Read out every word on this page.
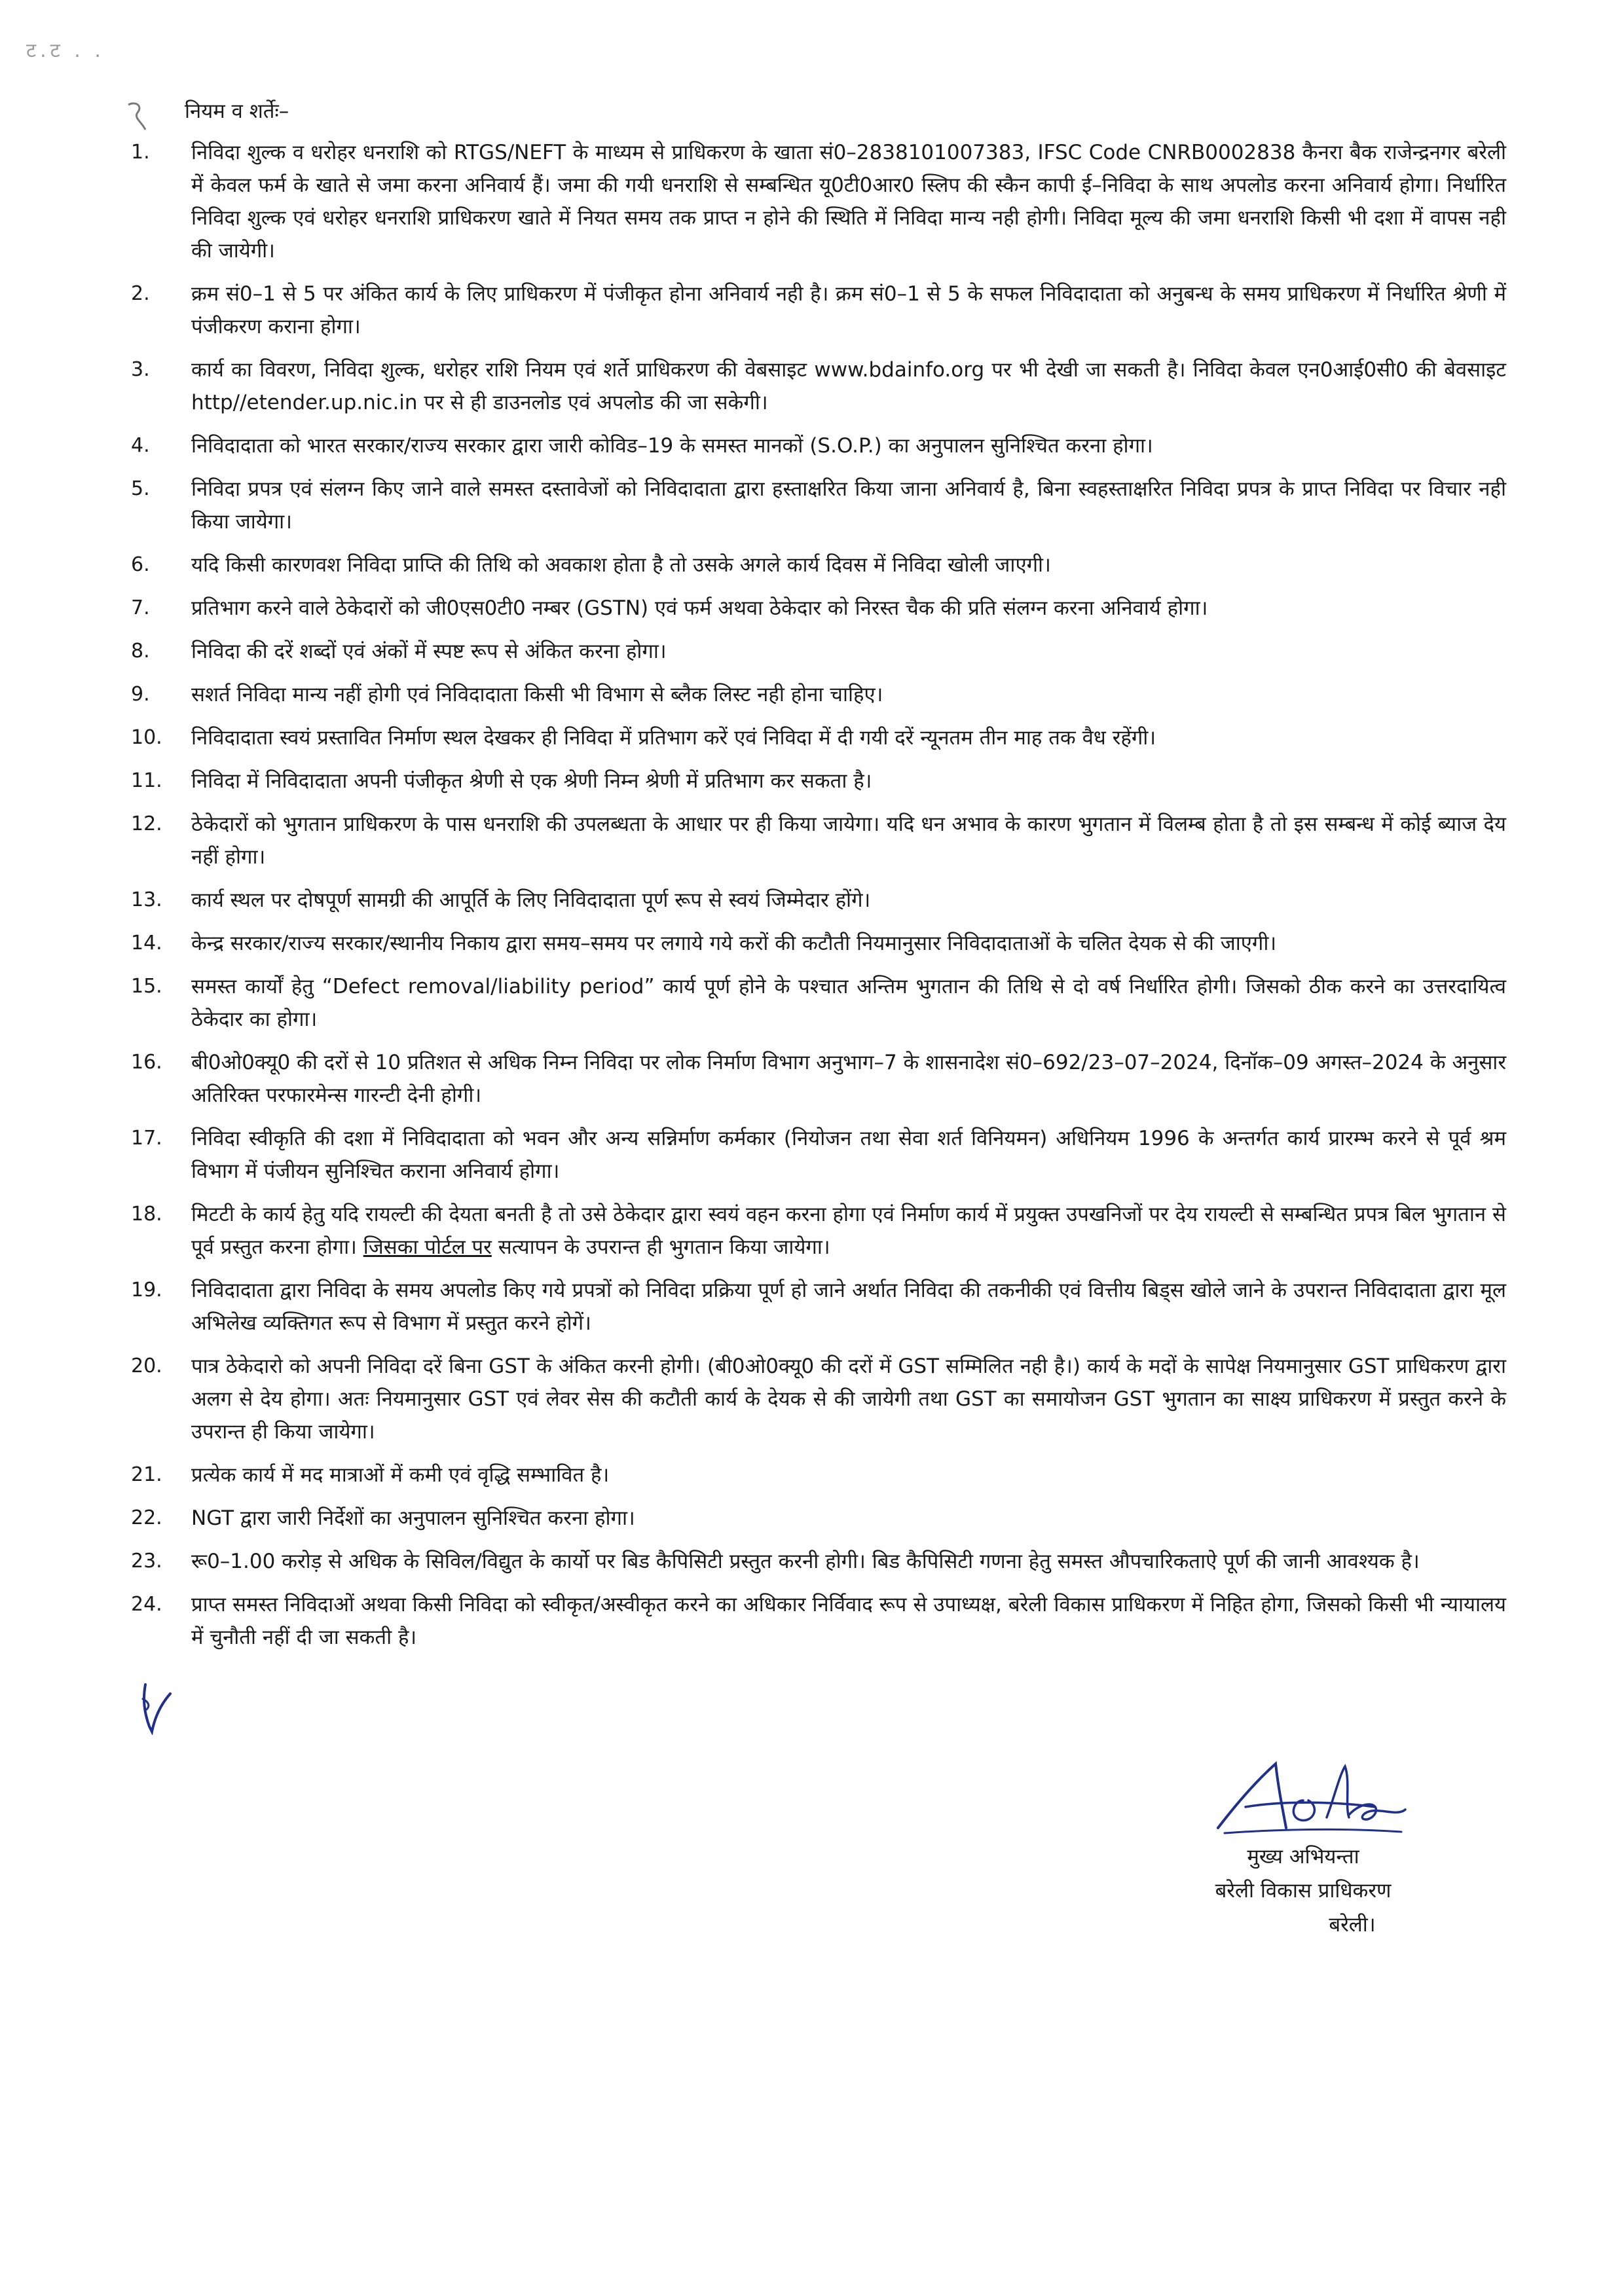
ट.ट . .
नियम व शर्तेः–
1.	निविदा शुल्क व धरोहर धनराशि को RTGS/NEFT के माध्यम से प्राधिकरण के खाता सं0–2838101007383, IFSC Code CNRB0002838 कैनरा बैक राजेन्द्रनगर बरेली में केवल फर्म के खाते से जमा करना अनिवार्य हैं। जमा की गयी धनराशि से सम्बन्धित यू0टी0आर0 स्लिप की स्कैन कापी ई–निविदा के साथ अपलोड करना अनिवार्य होगा। निर्धारित निविदा शुल्क एवं धरोहर धनराशि प्राधिकरण खाते में नियत समय तक प्राप्त न होने की स्थिति में निविदा मान्य नही होगी। निविदा मूल्य की जमा धनराशि किसी भी दशा में वापस नही की जायेगी।
2.	क्रम सं0–1 से 5 पर अंकित कार्य के लिए प्राधिकरण में पंजीकृत होना अनिवार्य नही है। क्रम सं0–1 से 5 के सफल निविदादाता को अनुबन्ध के समय प्राधिकरण में निर्धारित श्रेणी में पंजीकरण कराना होगा।
3.	कार्य का विवरण, निविदा शुल्क, धरोहर राशि नियम एवं शर्ते प्राधिकरण की वेबसाइट www.bdainfo.org पर भी देखी जा सकती है। निविदा केवल एन0आई0सी0 की बेवसाइट http//etender.up.nic.in पर से ही डाउनलोड एवं अपलोड की जा सकेगी।
4.	निविदादाता को भारत सरकार/राज्य सरकार द्वारा जारी कोविड–19 के समस्त मानकों (S.O.P.) का अनुपालन सुनिश्चित करना होगा।
5.	निविदा प्रपत्र एवं संलग्न किए जाने वाले समस्त दस्तावेजों को निविदादाता द्वारा हस्ताक्षरित किया जाना अनिवार्य है, बिना स्वहस्ताक्षरित निविदा प्रपत्र के प्राप्त निविदा पर विचार नही किया जायेगा।
6.	यदि किसी कारणवश निविदा प्राप्ति की तिथि को अवकाश होता है तो उसके अगले कार्य दिवस में निविदा खोली जाएगी।
7.	प्रतिभाग करने वाले ठेकेदारों को जी0एस0टी0 नम्बर (GSTN) एवं फर्म अथवा ठेकेदार को निरस्त चैक की प्रति संलग्न करना अनिवार्य होगा।
8.	निविदा की दरें शब्दों एवं अंकों में स्पष्ट रूप से अंकित करना होगा।
9.	सशर्त निविदा मान्य नहीं होगी एवं निविदादाता किसी भी विभाग से ब्लैक लिस्ट नही होना चाहिए।
10.	निविदादाता स्वयं प्रस्तावित निर्माण स्थल देखकर ही निविदा में प्रतिभाग करें एवं निविदा में दी गयी दरें न्यूनतम तीन माह तक वैध रहेंगी।
11.	निविदा में निविदादाता अपनी पंजीकृत श्रेणी से एक श्रेणी निम्न श्रेणी में प्रतिभाग कर सकता है।
12.	ठेकेदारों को भुगतान प्राधिकरण के पास धनराशि की उपलब्धता के आधार पर ही किया जायेगा। यदि धन अभाव के कारण भुगतान में विलम्ब होता है तो इस सम्बन्ध में कोई ब्याज देय नहीं होगा।
13.	कार्य स्थल पर दोषपूर्ण सामग्री की आपूर्ति के लिए निविदादाता पूर्ण रूप से स्वयं जिम्मेदार होंगे।
14.	केन्द्र सरकार/राज्य सरकार/स्थानीय निकाय द्वारा समय–समय पर लगाये गये करों की कटौती नियमानुसार निविदादाताओं के चलित देयक से की जाएगी।
15.	समस्त कार्यों हेतु “Defect removal/liability period” कार्य पूर्ण होने के पश्चात अन्तिम भुगतान की तिथि से दो वर्ष निर्धारित होगी। जिसको ठीक करने का उत्तरदायित्व ठेकेदार का होगा।
16.	बी0ओ0क्यू0 की दरों से 10 प्रतिशत से अधिक निम्न निविदा पर लोक निर्माण विभाग अनुभाग–7 के शासनादेश सं0–692/23–07–2024, दिनॉक–09 अगस्त–2024 के अनुसार अतिरिक्त परफारमेन्स गारन्टी देनी होगी।
17.	निविदा स्वीकृति की दशा में निविदादाता को भवन और अन्य सन्निर्माण कर्मकार (नियोजन तथा सेवा शर्त विनियमन) अधिनियम 1996 के अन्तर्गत कार्य प्रारम्भ करने से पूर्व श्रम विभाग में पंजीयन सुनिश्चित कराना अनिवार्य होगा।
18.	मिटटी के कार्य हेतु यदि रायल्टी की देयता बनती है तो उसे ठेकेदार द्वारा स्वयं वहन करना होगा एवं निर्माण कार्य में प्रयुक्त उपखनिजों पर देय रायल्टी से सम्बन्धित प्रपत्र बिल भुगतान से पूर्व प्रस्तुत करना होगा। जिसका पोर्टल पर सत्यापन के उपरान्त ही भुगतान किया जायेगा।
19.	निविदादाता द्वारा निविदा के समय अपलोड किए गये प्रपत्रों को निविदा प्रक्रिया पूर्ण हो जाने अर्थात निविदा की तकनीकी एवं वित्तीय बिड्स खोले जाने के उपरान्त निविदादाता द्वारा मूल अभिलेख व्यक्तिगत रूप से विभाग में प्रस्तुत करने होगें।
20.	पात्र ठेकेदारो को अपनी निविदा दरें बिना GST के अंकित करनी होगी। (बी0ओ0क्यू0 की दरों में GST सम्मिलित नही है।) कार्य के मदों के सापेक्ष नियमानुसार GST प्राधिकरण द्वारा अलग से देय होगा। अतः नियमानुसार GST एवं लेवर सेस की कटौती कार्य के देयक से की जायेगी तथा GST का समायोजन GST भुगतान का साक्ष्य प्राधिकरण में प्रस्तुत करने के उपरान्त ही किया जायेगा।
21.	प्रत्येक कार्य में मद मात्राओं में कमी एवं वृद्धि सम्भावित है।
22.	NGT द्वारा जारी निर्देशों का अनुपालन सुनिश्चित करना होगा।
23.	रू0–1.00 करोड़ से अधिक के सिविल/विद्युत के कार्यो पर बिड कैपिसिटी प्रस्तुत करनी होगी। बिड कैपिसिटी गणना हेतु समस्त औपचारिकताऐ पूर्ण की जानी आवश्यक है।
24.	प्राप्त समस्त निविदाओं अथवा किसी निविदा को स्वीकृत/अस्वीकृत करने का अधिकार निर्विवाद रूप से उपाध्यक्ष, बरेली विकास प्राधिकरण में निहित होगा, जिसको किसी भी न्यायालय में चुनौती नहीं दी जा सकती है।
मुख्य अभियन्ता
बरेली विकास प्राधिकरण
बरेली।
